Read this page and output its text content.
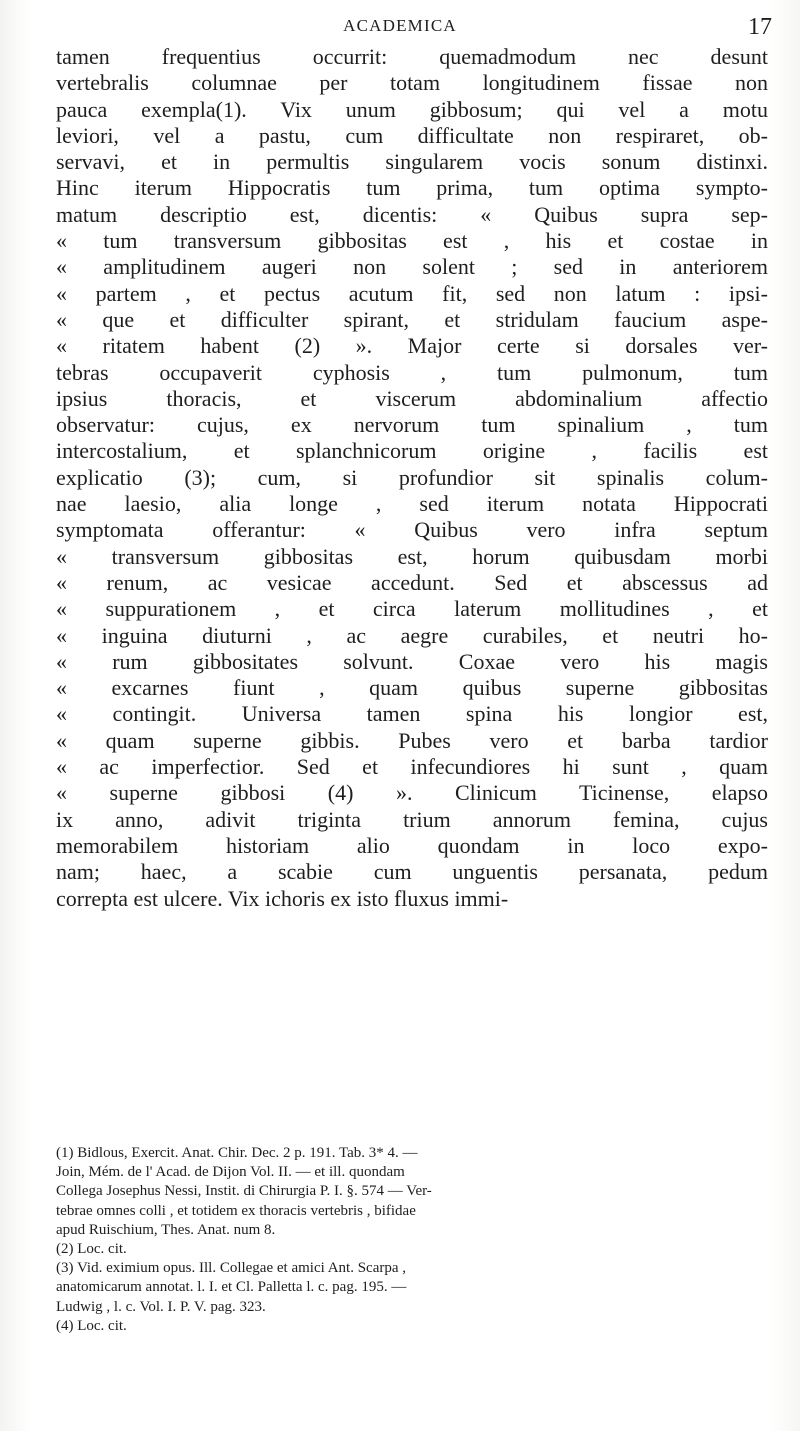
ACADEMICA	17
tamen frequentius occurrit: quemadmodum nec desunt
vertebralis columnae per totam longitudinem fissae non
pauca exempla(1). Vix unum gibbosum; qui vel a motu
leviori, vel a pastu, cum difficultate non respiraret, ob-
servavi, et in permultis singularem vocis sonum distinxi.
Hinc iterum Hippocratis tum prima, tum optima sympto-
matum descriptio est, dicentis: « Quibus supra sep-
« tum transversum gibbositas est , his et costae in
« amplitudinem augeri non solent ; sed in anteriorem
« partem , et pectus acutum fit, sed non latum : ipsi-
« que et difficulter spirant, et stridulam faucium aspe-
« ritatem habent (2) ». Major certe si dorsales ver-
tebras occupaverit cyphosis , tum pulmonum, tum
ipsius thoracis, et viscerum abdominalium affectio
observatur: cujus, ex nervorum tum spinalium , tum
intercostalium, et splanchnicorum origine , facilis est
explicatio (3); cum, si profundior sit spinalis colum-
nae laesio, alia longe , sed iterum notata Hippocrati
symptomata offerantur: « Quibus vero infra septum
« transversum gibbositas est, horum quibusdam morbi
« renum, ac vesicae accedunt. Sed et abscessus ad
« suppurationem , et circa laterum mollitudines , et
« inguina diuturni , ac aegre curabiles, et neutri ho-
« rum gibbositates solvunt. Coxae vero his magis
« excarnes fiunt , quam quibus superne gibbositas
« contingit. Universa tamen spina his longior est,
« quam superne gibbis. Pubes vero et barba tardior
« ac imperfectior. Sed et infecundiores hi sunt , quam
« superne gibbosi (4) ». Clinicum Ticinense, elapso
ix anno, adivit triginta trium annorum femina, cujus
memorabilem historiam alio quondam in loco expo-
nam; haec, a scabie cum unguentis persanata, pedum
correpta est ulcere. Vix ichoris ex isto fluxus immi-
(1) Bidlous, Exercit. Anat. Chir. Dec. 2 p. 191. Tab. 3* 4. —
Join, Mém. de l' Acad. de Dijon Vol. II. — et ill. quondam
Collega Josephus Nessi, Instit. di Chirurgia P. I. §. 574 — Ver-
tebrae omnes colli , et totidem ex thoracis vertebris , bifidae
apud Ruischium, Thes. Anat. num 8.
(2) Loc. cit.
(3) Vid. eximium opus. Ill. Collegae et amici Ant. Scarpa ,
anatomicarum annotat. l. I. et Cl. Palletta l. c. pag. 195. —
Ludwig , l. c. Vol. I. P. V. pag. 323.
(4) Loc. cit.
